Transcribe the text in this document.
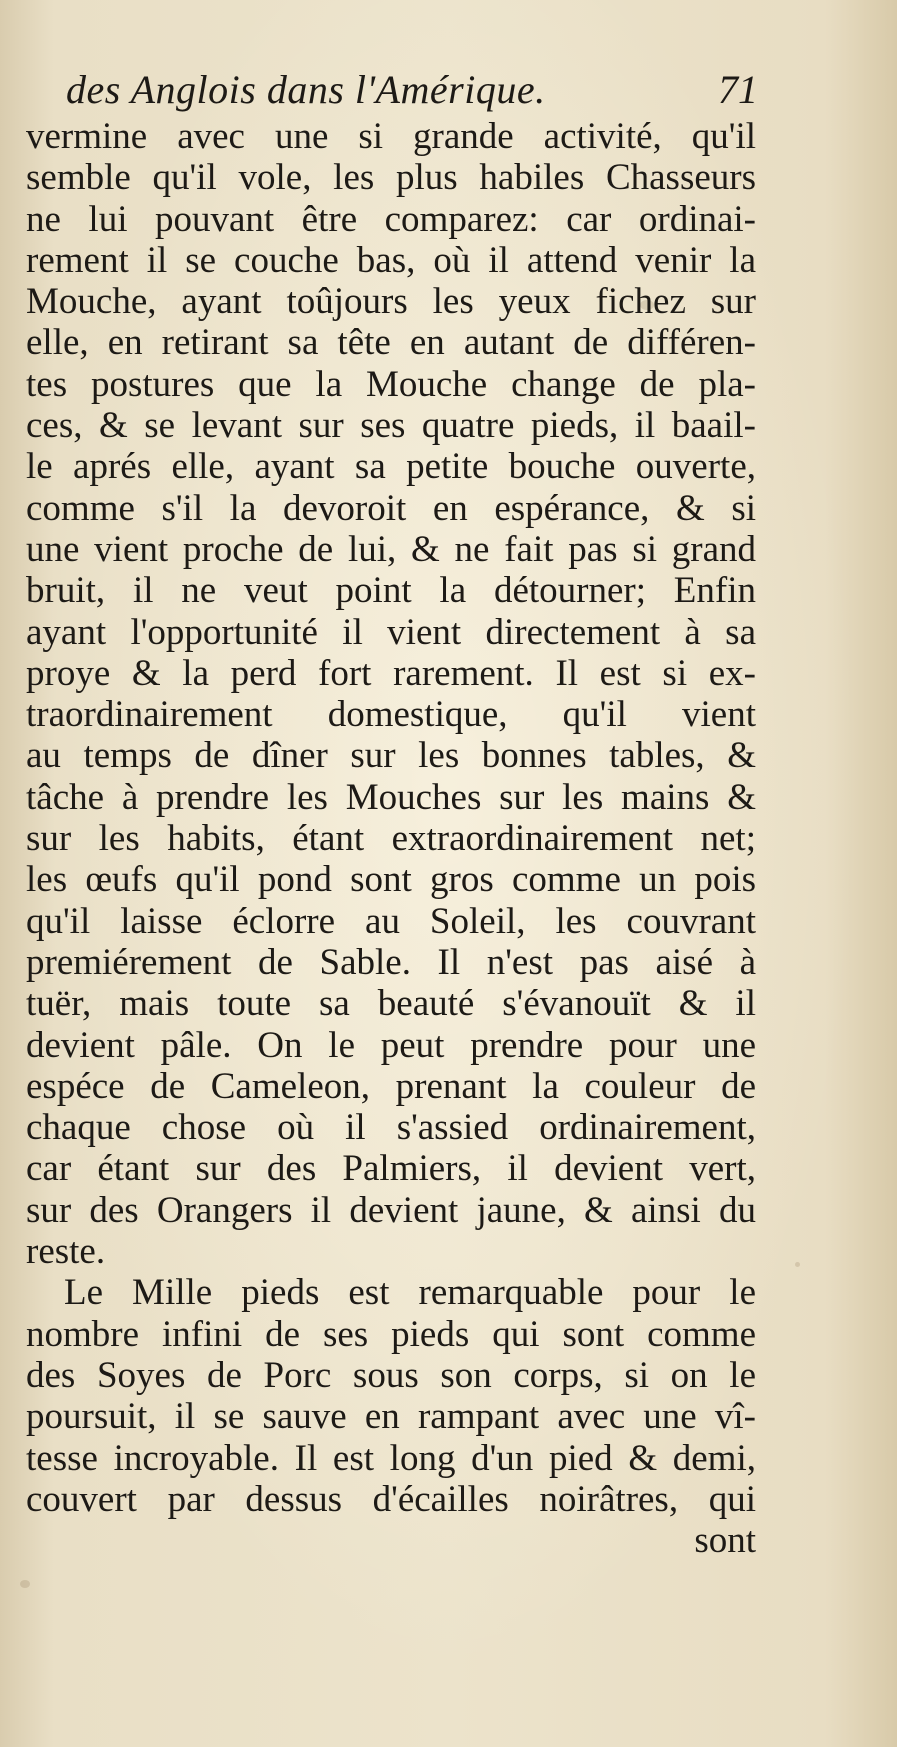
des Anglois dans l'Amérique.	71
vermine avec une si grande activité, qu'il
semble qu'il vole, les plus habiles Chasseurs
ne lui pouvant être comparez: car ordinai-
rement il se couche bas, où il attend venir la
Mouche, ayant toûjours les yeux fichez sur
elle, en retirant sa tête en autant de différen-
tes postures que la Mouche change de pla-
ces, & se levant sur ses quatre pieds, il baail-
le aprés elle, ayant sa petite bouche ouverte,
comme s'il la devoroit en espérance, & si
une vient proche de lui, & ne fait pas si grand
bruit, il ne veut point la détourner; Enfin
ayant l'opportunité il vient directement à sa
proye & la perd fort rarement. Il est si ex-
traordinairement domestique, qu'il vient
au temps de dîner sur les bonnes tables, &
tâche à prendre les Mouches sur les mains &
sur les habits, étant extraordinairement net;
les œufs qu'il pond sont gros comme un pois
qu'il laisse éclorre au Soleil, les couvrant
premiérement de Sable. Il n'est pas aisé à
tuër, mais toute sa beauté s'évanouït & il
devient pâle. On le peut prendre pour une
espéce de Cameleon, prenant la couleur de
chaque chose où il s'assied ordinairement,
car étant sur des Palmiers, il devient vert,
sur des Orangers il devient jaune, & ainsi du
reste.
Le Mille pieds est remarquable pour le
nombre infini de ses pieds qui sont comme
des Soyes de Porc sous son corps, si on le
poursuit, il se sauve en rampant avec une vî-
tesse incroyable. Il est long d'un pied & demi,
couvert par dessus d'écailles noirâtres, qui
sont
